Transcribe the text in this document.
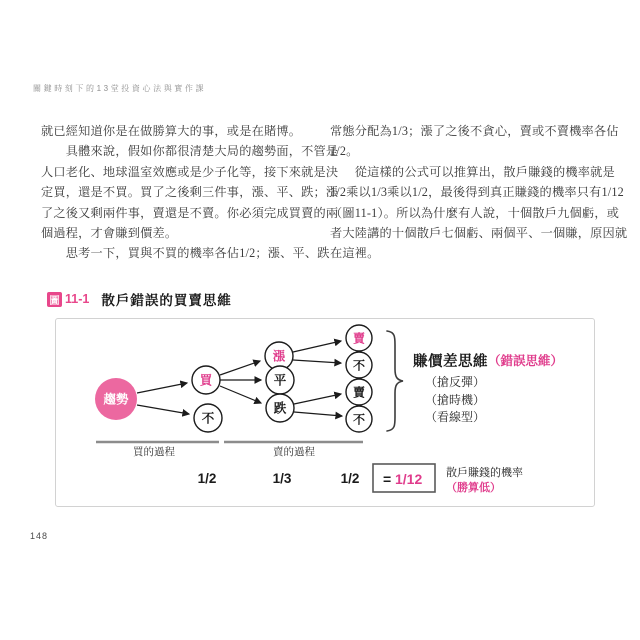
關鍵時刻下的13堂投資心法與實作課
就已經知道你是在做勝算大的事，或是在賭博。
　　具體來說，假如你都很清楚大局的趨勢面，不管是
人口老化、地球溫室效應或是少子化等，接下來就是決
定買，還是不買。買了之後剩三件事，漲、平、跌；漲
了之後又剩兩件事，賣還是不賣。你必須完成買賣的兩
個過程，才會賺到價差。
　　思考一下，買與不買的機率各佔1/2；漲、平、跌
常態分配為1/3；漲了之後不貪心，賣或不賣機率各佔
1/2。
　　從這樣的公式可以推算出，散戶賺錢的機率就是
1/2乘以1/3乘以1/2，最後得到真正賺錢的機率只有1/12
（圖11-1）。所以為什麼有人說，十個散戶九個虧，或
者大陸講的十個散戶七個虧、兩個平、一個賺，原因就
在這裡。
圖 11-1 散戶錯誤的買賣思維
趨勢
買
不
漲
平
跌
賣
不
賣
不
賺價差思維 （錯誤思維）
（搶反彈）
（搶時機）
（看線型）
買的過程	賣的過程
1/2	1/3	1/2 = 1/12 散戶賺錢的機率
（勝算低）
148
